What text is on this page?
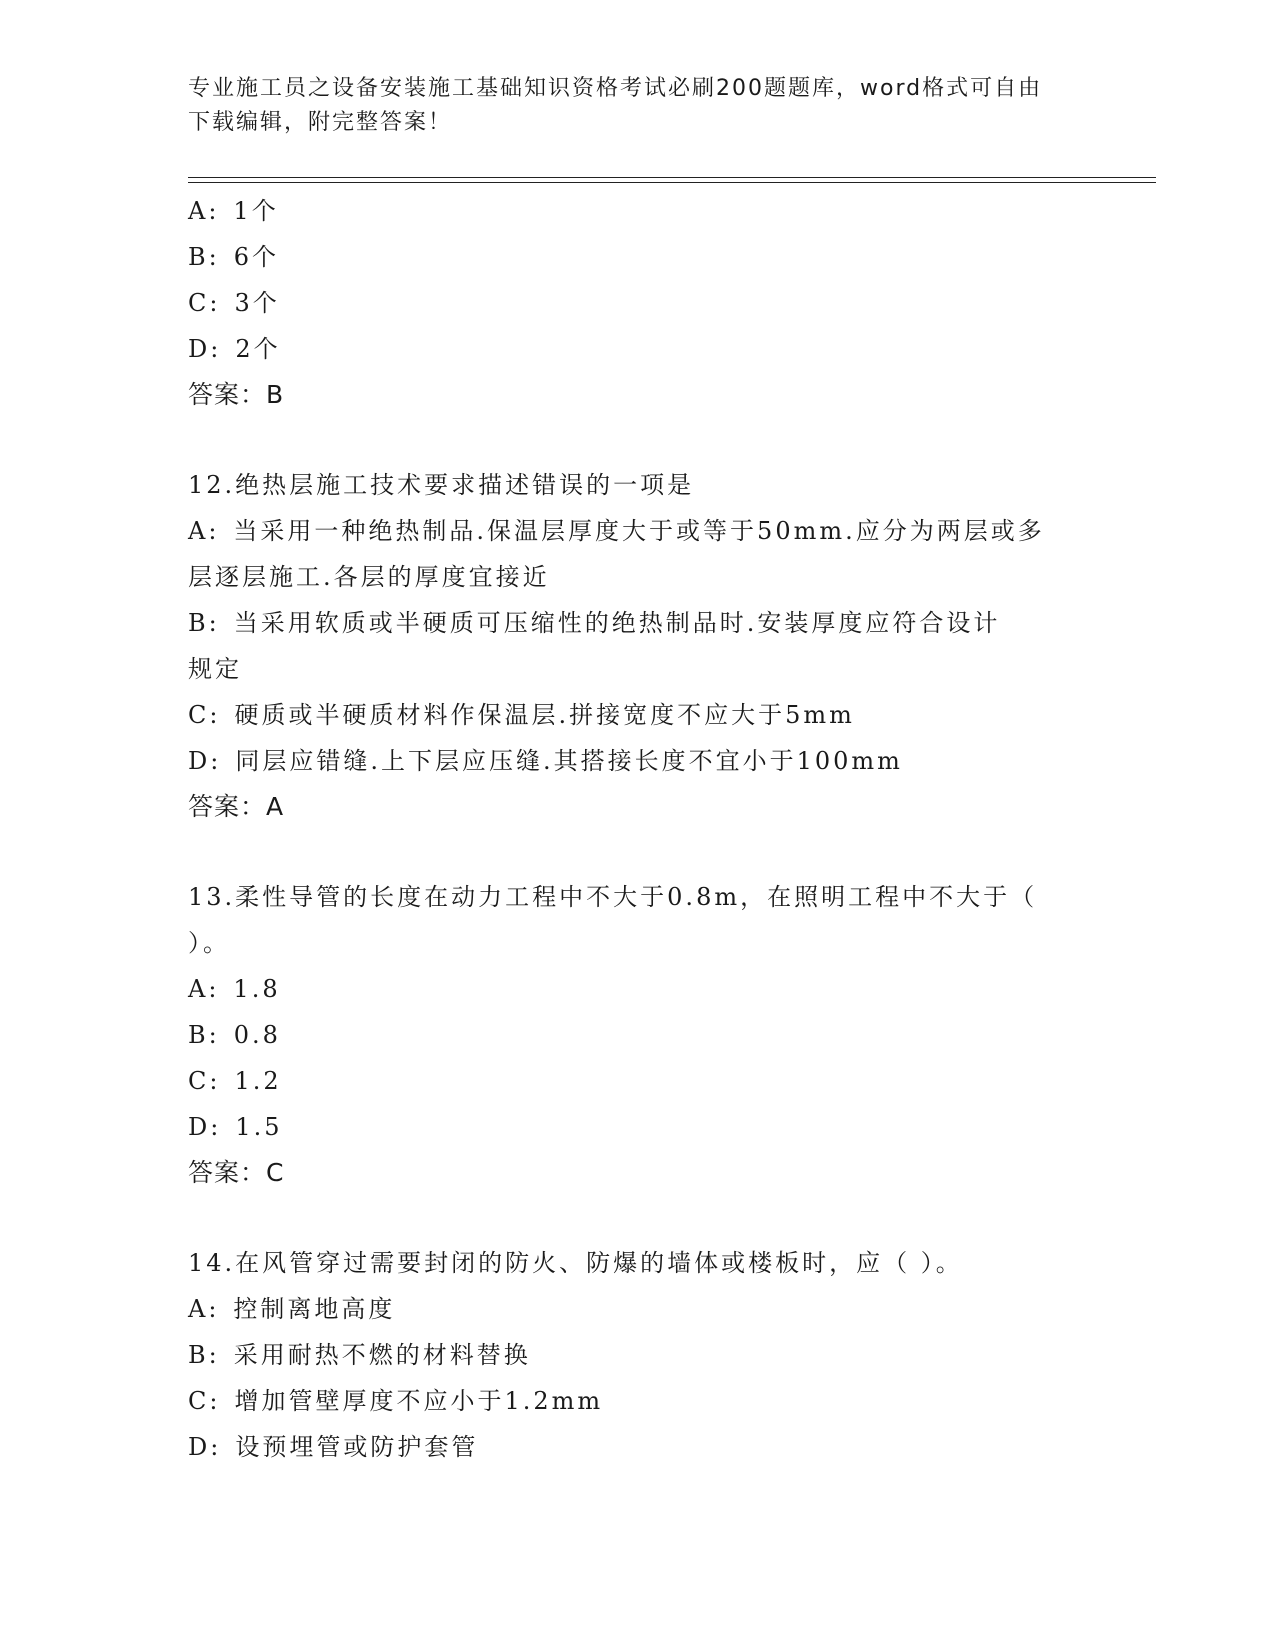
专业施工员之设备安装施工基础知识资格考试必刷200题题库，word格式可自由
下载编辑，附完整答案！

A: 1个

B: 6个

C: 3个

D: 2个

答案：B

12.绝热层施工技术要求描述错误的一项是

A: 当采用一种绝热制品.保温层厚度大于或等于50mm.应分为两层或多

层逐层施工.各层的厚度宜接近

B: 当采用软质或半硬质可压缩性的绝热制品时.安装厚度应符合设计

规定

C: 硬质或半硬质材料作保温层.拼接宽度不应大于5mm

D: 同层应错缝.上下层应压缝.其搭接长度不宜小于100mm

答案：A

13.柔性导管的长度在动力工程中不大于0.8m，在照明工程中不大于（

）。

A: 1.8

B: 0.8

C: 1.2

D: 1.5

答案：C

14.在风管穿过需要封闭的防火、防爆的墙体或楼板时，应（ ）。

A: 控制离地高度

B: 采用耐热不燃的材料替换

C: 增加管壁厚度不应小于1.2mm

D: 设预埋管或防护套管
